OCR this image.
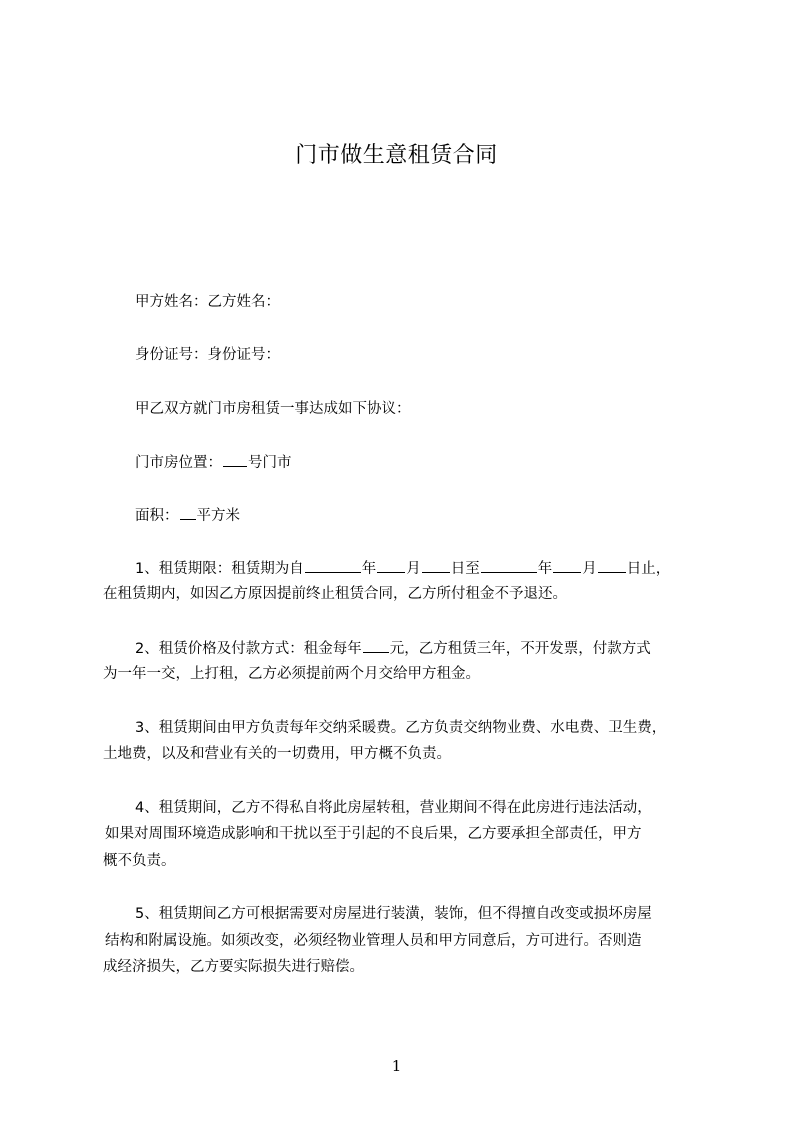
门市做生意租赁合同
甲方姓名：乙方姓名：
身份证号：身份证号：
甲乙双方就门市房租赁一事达成如下协议：
门市房位置： 号门市
面积： 平方米
1、租赁期限：租赁期为自	年 月 日至	年 月 日止，
在租赁期内，如因乙方原因提前终止租赁合同，乙方所付租金不予退还。
2、租赁价格及付款方式：租金每年 元，乙方租赁三年，不开发票，付款方式
为一年一交，上打租，乙方必须提前两个月交给甲方租金。
3、租赁期间由甲方负责每年交纳采暖费。乙方负责交纳物业费、水电费、卫生费，
土地费，以及和营业有关的一切费用，甲方概不负责。
4、租赁期间，乙方不得私自将此房屋转租，营业期间不得在此房进行违法活动，
如果对周围环境造成影响和干扰以至于引起的不良后果，乙方要承担全部责任，甲方
概不负责。
5、租赁期间乙方可根据需要对房屋进行装潢，装饰，但不得擅自改变或损坏房屋
结构和附属设施。如须改变，必须经物业管理人员和甲方同意后，方可进行。否则造
成经济损失，乙方要实际损失进行赔偿。
1
